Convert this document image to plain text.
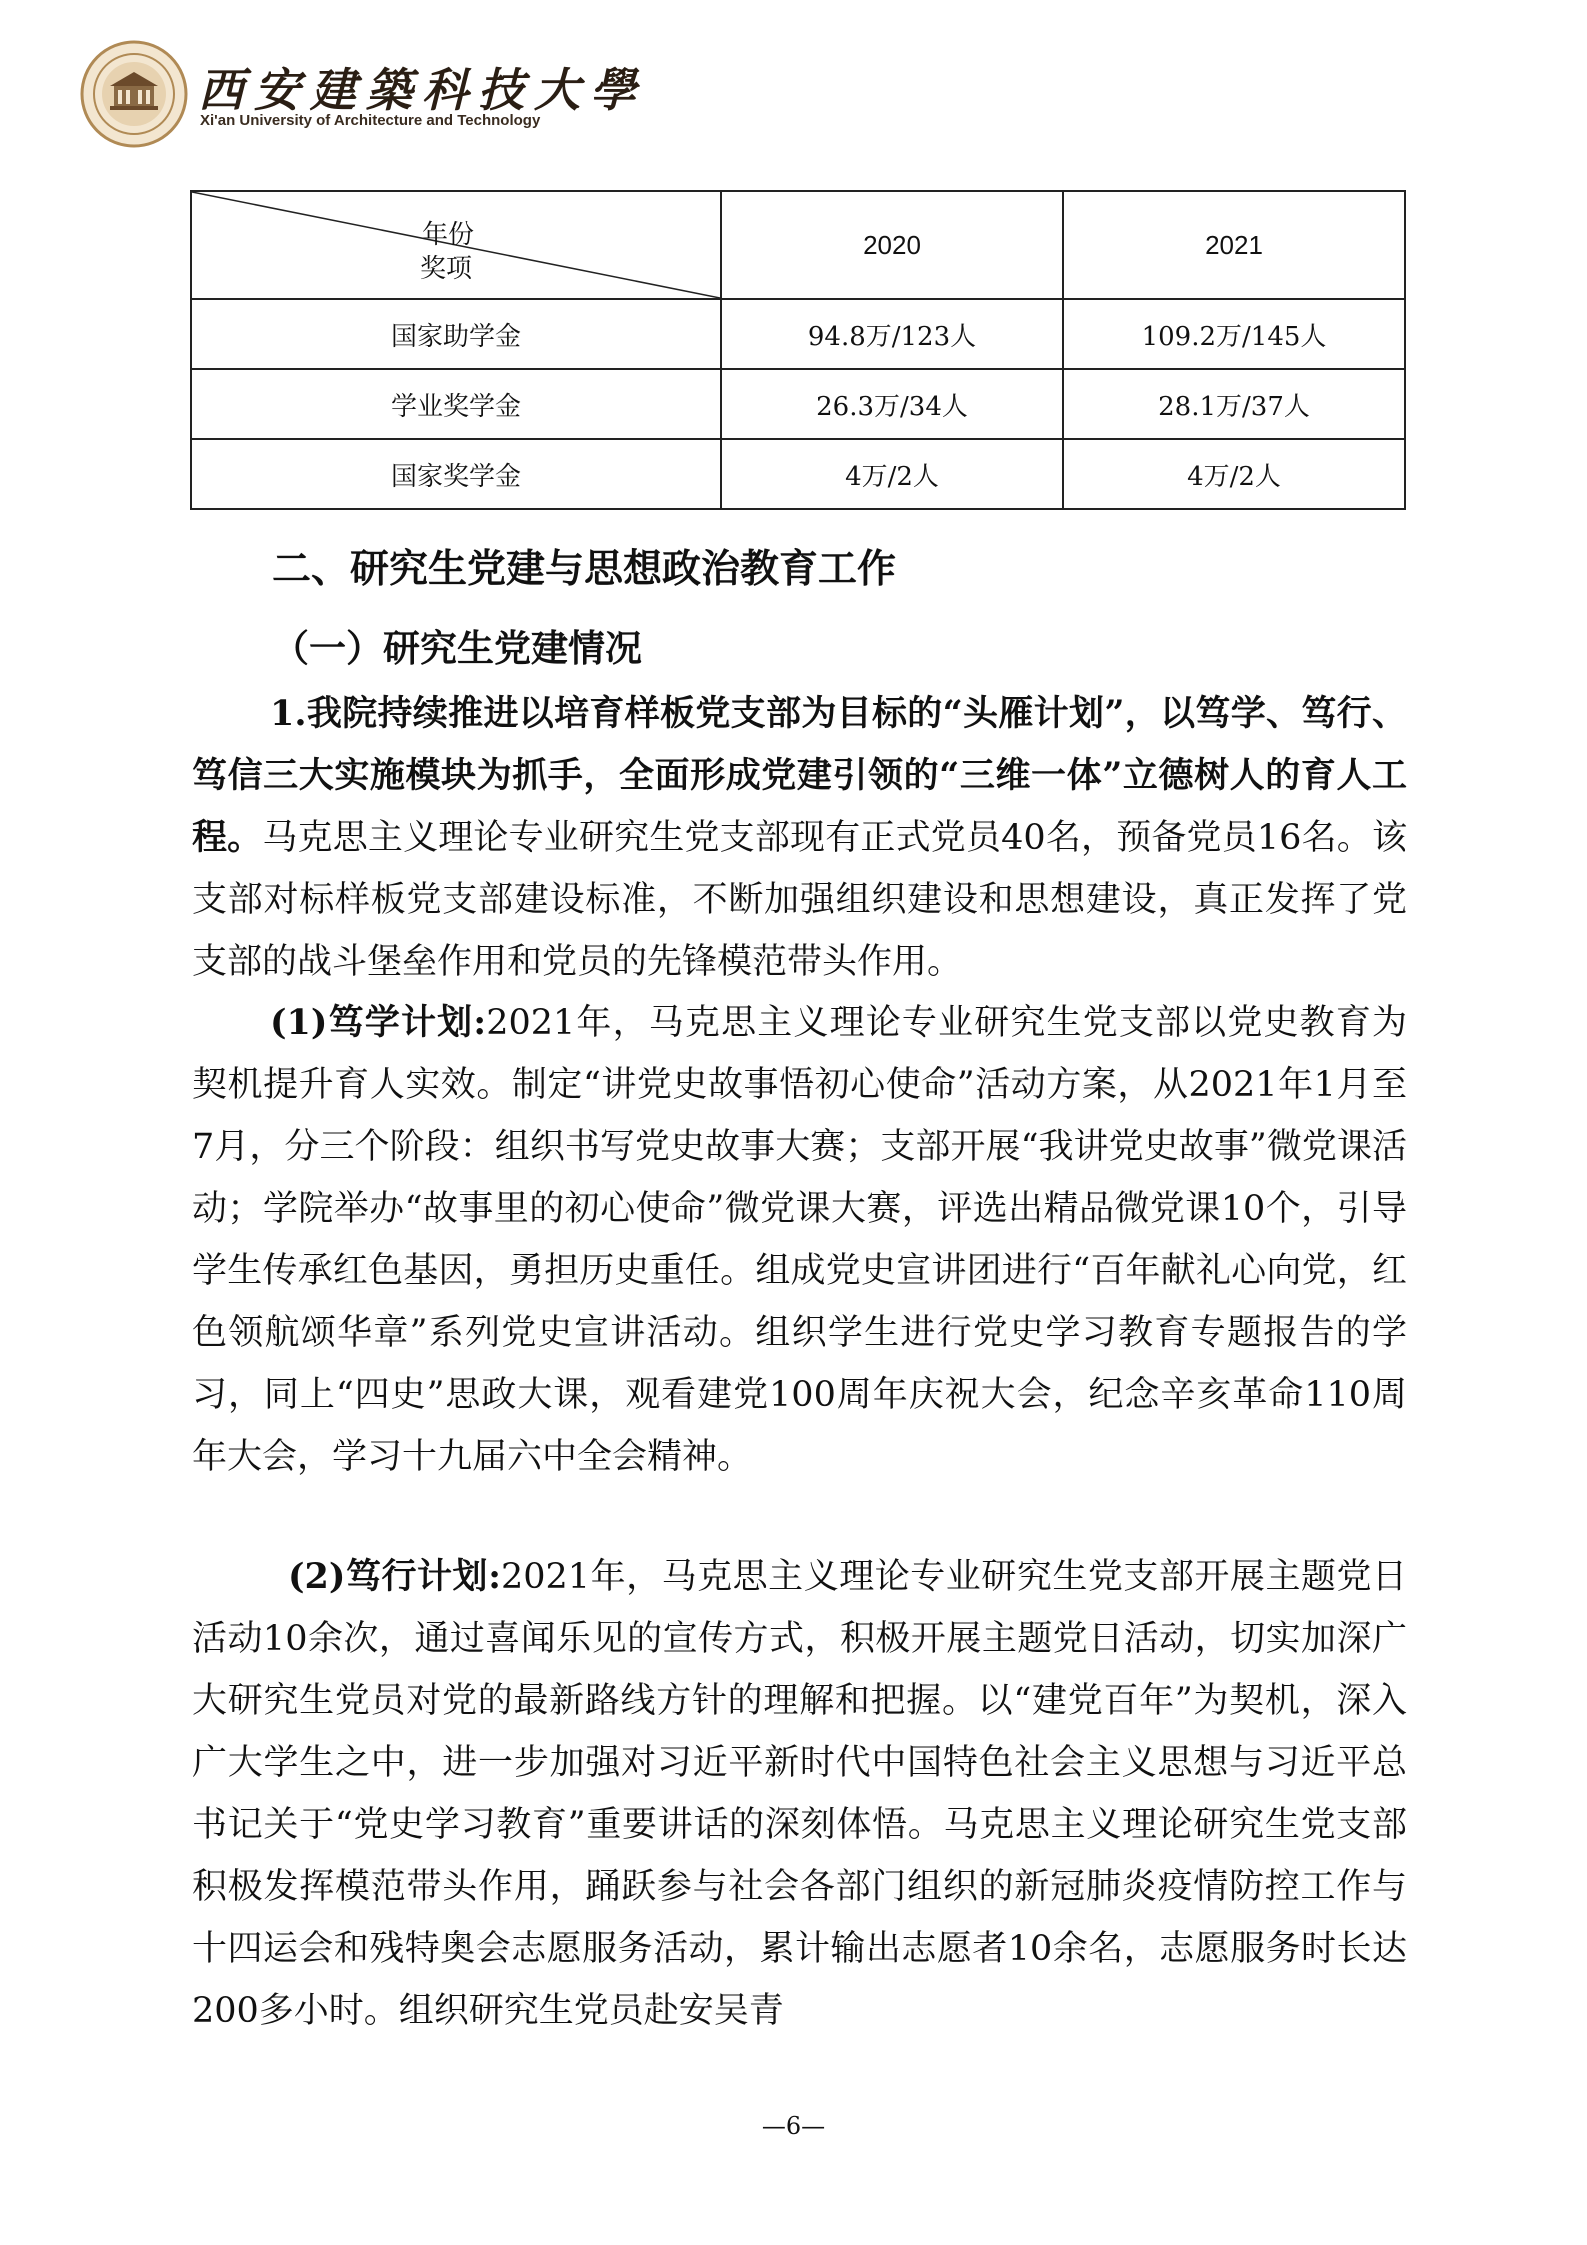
西安建築科技大學
Xi'an University of Architecture and Technology
年份
奖项	2020	2021
国家助学金	94.8万/123人	109.2万/145人
学业奖学金	26.3万/34人	28.1万/37人
国家奖学金	4万/2人	4万/2人
二、研究生党建与思想政治教育工作
（一）研究生党建情况
1.我院持续推进以培育样板党支部为目标的“头雁计划”，以笃学、笃行、笃信三大实施模块为抓手，全面形成党建引领的“三维一体”立德树人的育人工程。马克思主义理论专业研究生党支部现有正式党员40名，预备党员16名。该支部对标样板党支部建设标准，不断加强组织建设和思想建设，真正发挥了党支部的战斗堡垒作用和党员的先锋模范带头作用。
(1)笃学计划:2021年，马克思主义理论专业研究生党支部以党史教育为契机提升育人实效。制定“讲党史故事悟初心使命”活动方案，从2021年1月至7月，分三个阶段：组织书写党史故事大赛；支部开展“我讲党史故事”微党课活动；学院举办“故事里的初心使命”微党课大赛，评选出精品微党课10个，引导学生传承红色基因，勇担历史重任。组成党史宣讲团进行“百年献礼心向党，红色领航颂华章”系列党史宣讲活动。组织学生进行党史学习教育专题报告的学习，同上“四史”思政大课，观看建党100周年庆祝大会，纪念辛亥革命110周年大会，学习十九届六中全会精神。
(2)笃行计划:2021年，马克思主义理论专业研究生党支部开展主题党日活动10余次，通过喜闻乐见的宣传方式，积极开展主题党日活动，切实加深广大研究生党员对党的最新路线方针的理解和把握。以“建党百年”为契机，深入广大学生之中，进一步加强对习近平新时代中国特色社会主义思想与习近平总书记关于“党史学习教育”重要讲话的深刻体悟。马克思主义理论研究生党支部积极发挥模范带头作用，踊跃参与社会各部门组织的新冠肺炎疫情防控工作与十四运会和残特奥会志愿服务活动，累计输出志愿者10余名，志愿服务时长达200多小时。组织研究生党员赴安吴青
—6—
